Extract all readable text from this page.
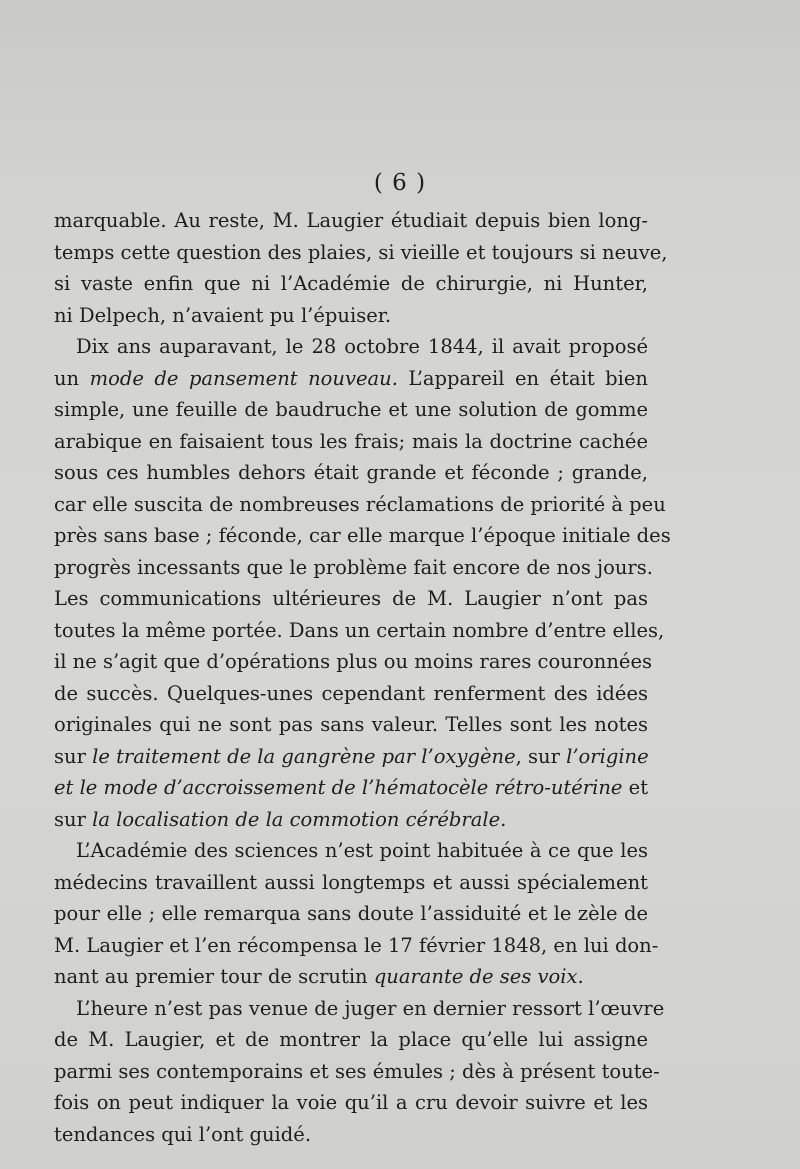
( 6 )
marquable. Au reste, M. Laugier étudiait depuis bien long-
temps cette question des plaies, si vieille et toujours si neuve,
si vaste enfin que ni l’Académie de chirurgie, ni Hunter,
ni Delpech, n’avaient pu l’épuiser.
Dix ans auparavant, le 28 octobre 1844, il avait proposé
un mode de pansement nouveau. L’appareil en était bien
simple, une feuille de baudruche et une solution de gomme
arabique en faisaient tous les frais; mais la doctrine cachée
sous ces humbles dehors était grande et féconde ; grande,
car elle suscita de nombreuses réclamations de priorité à peu
près sans base ; féconde, car elle marque l’époque initiale des
progrès incessants que le problème fait encore de nos jours.
Les communications ultérieures de M. Laugier n’ont pas
toutes la même portée. Dans un certain nombre d’entre elles,
il ne s’agit que d’opérations plus ou moins rares couronnées
de succès. Quelques-unes cependant renferment des idées
originales qui ne sont pas sans valeur. Telles sont les notes
sur le traitement de la gangrène par l’oxygène, sur l’origine
et le mode d’accroissement de l’hématocèle rétro-utérine et
sur la localisation de la commotion cérébrale.
L’Académie des sciences n’est point habituée à ce que les
médecins travaillent aussi longtemps et aussi spécialement
pour elle ; elle remarqua sans doute l’assiduité et le zèle de
M. Laugier et l’en récompensa le 17 février 1848, en lui don-
nant au premier tour de scrutin quarante de ses voix.
L’heure n’est pas venue de juger en dernier ressort l’œuvre
de M. Laugier, et de montrer la place qu’elle lui assigne
parmi ses contemporains et ses émules ; dès à présent toute-
fois on peut indiquer la voie qu’il a cru devoir suivre et les
tendances qui l’ont guidé.
